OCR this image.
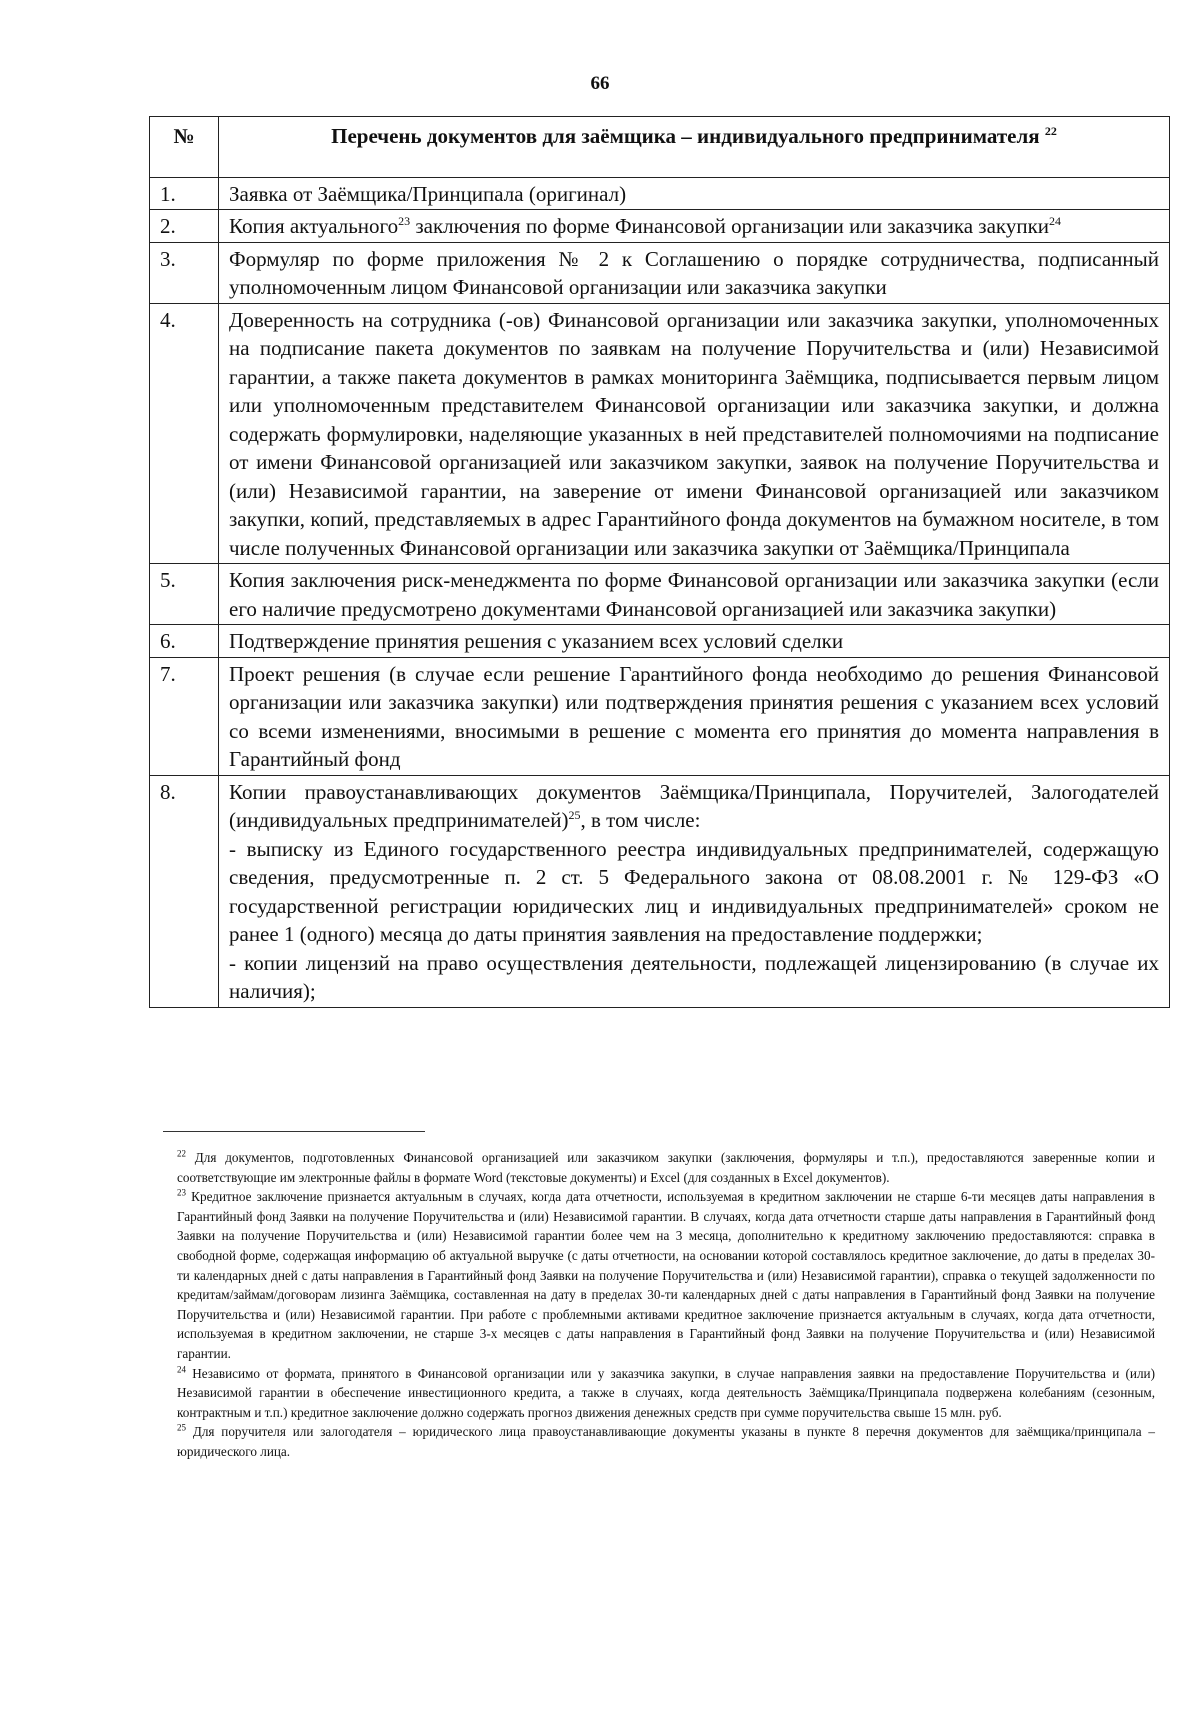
66
№	Перечень документов для заёмщика – индивидуального предпринимателя $^{22}$
1.	Заявка от Заёмщика/Принципала (оригинал)
2.	Копия актуального$^{23}$ заключения по форме Финансовой организации или заказчика закупки$^{24}$
3.	Формуляр по форме приложения № 2 к Соглашению о порядке сотрудничества, подписанный уполномоченным лицом Финансовой организации или заказчика закупки
4.	Доверенность на сотрудника (-ов) Финансовой организации или заказчика закупки, уполномоченных на подписание пакета документов по заявкам на получение Поручительства и (или) Независимой гарантии, а также пакета документов в рамках мониторинга Заёмщика, подписывается первым лицом или уполномоченным представителем Финансовой организации или заказчика закупки, и должна содержать формулировки, наделяющие указанных в ней представителей полномочиями на подписание от имени Финансовой организацией или заказчиком закупки, заявок на получение Поручительства и (или) Независимой гарантии, на заверение от имени Финансовой организацией или заказчиком закупки, копий, представляемых в адрес Гарантийного фонда документов на бумажном носителе, в том числе полученных Финансовой организации или заказчика закупки от Заёмщика/Принципала
5.	Копия заключения риск-менеджмента по форме Финансовой организации или заказчика закупки (если его наличие предусмотрено документами Финансовой организацией или заказчика закупки)
6.	Подтверждение принятия решения с указанием всех условий сделки
7.	Проект решения (в случае если решение Гарантийного фонда необходимо до решения Финансовой организации или заказчика закупки) или подтверждения принятия решения с указанием всех условий со всеми изменениями, вносимыми в решение с момента его принятия до момента направления в Гарантийный фонд
8.	Копии правоустанавливающих документов Заёмщика/Принципала, Поручителей, Залогодателей (индивидуальных предпринимателей)$^{25}$, в том числе:
- выписку из Единого государственного реестра индивидуальных предпринимателей, содержащую сведения, предусмотренные п. 2 ст. 5 Федерального закона от 08.08.2001 г. № 129-ФЗ «О государственной регистрации юридических лиц и индивидуальных предпринимателей» сроком не ранее 1 (одного) месяца до даты принятия заявления на предоставление поддержки;
- копии лицензий на право осуществления деятельности, подлежащей лицензированию (в случае их наличия);

$^{22}$ Для документов, подготовленных Финансовой организацией или заказчиком закупки (заключения, формуляры и т.п.), предоставляются заверенные копии и соответствующие им электронные файлы в формате Word (текстовые документы) и Excel (для созданных в Excel документов).

$^{23}$ Кредитное заключение признается актуальным в случаях, когда дата отчетности, используемая в кредитном заключении не старше 6-ти месяцев даты направления в Гарантийный фонд Заявки на получение Поручительства и (или) Независимой гарантии. В случаях, когда дата отчетности старше даты направления в Гарантийный фонд Заявки на получение Поручительства и (или) Независимой гарантии более чем на 3 месяца, дополнительно к кредитному заключению предоставляются: справка в свободной форме, содержащая информацию об актуальной выручке (с даты отчетности, на основании которой составлялось кредитное заключение, до даты в пределах 30-ти календарных дней с даты направления в Гарантийный фонд Заявки на получение Поручительства и (или) Независимой гарантии), справка о текущей задолженности по кредитам/займам/договорам лизинга Заёмщика, составленная на дату в пределах 30-ти календарных дней с даты направления в Гарантийный фонд Заявки на получение Поручительства и (или) Независимой гарантии. При работе с проблемными активами кредитное заключение признается актуальным в случаях, когда дата отчетности, используемая в кредитном заключении, не старше 3-х месяцев с даты направления в Гарантийный фонд Заявки на получение Поручительства и (или) Независимой гарантии.

$^{24}$ Независимо от формата, принятого в Финансовой организации или у заказчика закупки, в случае направления заявки на предоставление Поручительства и (или) Независимой гарантии в обеспечение инвестиционного кредита, а также в случаях, когда деятельность Заёмщика/Принципала подвержена колебаниям (сезонным, контрактным и т.п.) кредитное заключение должно содержать прогноз движения денежных средств при сумме поручительства свыше 15 млн. руб.

$^{25}$ Для поручителя или залогодателя – юридического лица правоустанавливающие документы указаны в пункте 8 перечня документов для заёмщика/принципала – юридического лица.
